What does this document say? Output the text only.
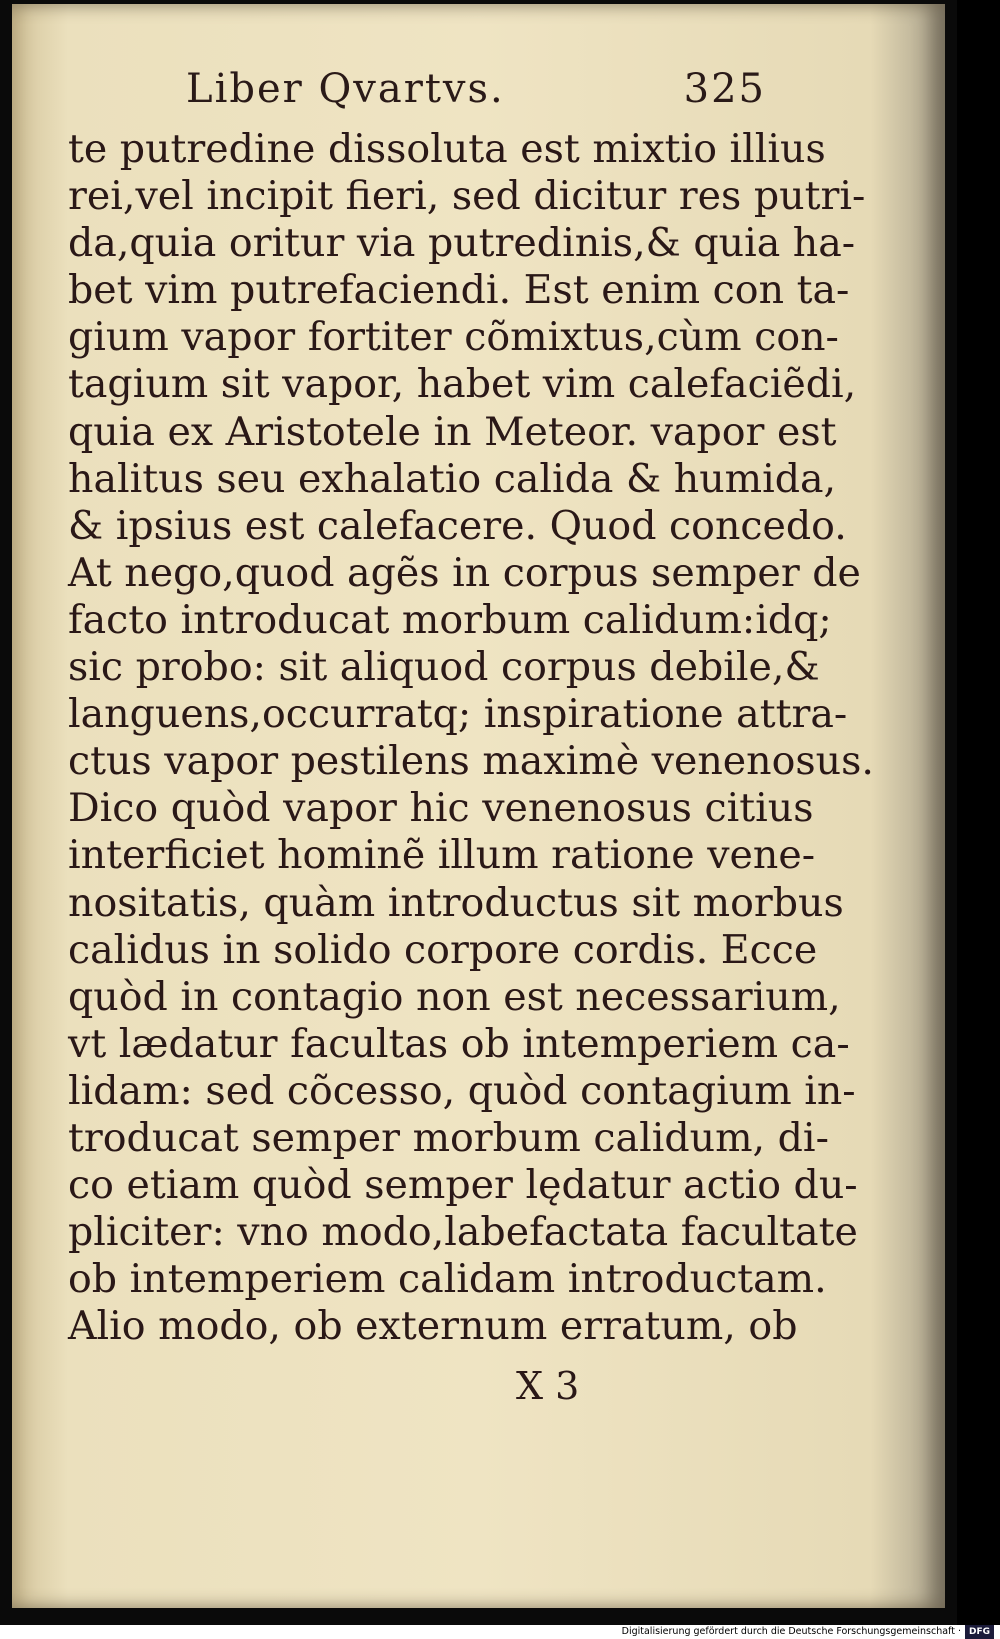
Liber Qvartvs.	325
te putredine dissoluta est mixtio illius
rei,vel incipit fieri, sed dicitur res putri-
da,quia oritur via putredinis,& quia ha-
bet vim putrefaciendi. Est enim con ta-
gium vapor fortiter cõmixtus,cùm con-
tagium sit vapor, habet vim calefaciẽdi,
quia ex Aristotele in Meteor. vapor est
halitus seu exhalatio calida & humida,
& ipsius est calefacere. Quod concedo.
At nego,quod agẽs in corpus semper de
facto introducat morbum calidum:idq;
sic probo: sit aliquod corpus debile,&
languens,occurratq; inspiratione attra-
ctus vapor pestilens maximè venenosus.
Dico quòd vapor hic venenosus citius
interficiet hominẽ illum ratione vene-
nositatis, quàm introductus sit morbus
calidus in solido corpore cordis. Ecce
quòd in contagio non est necessarium,
vt lædatur facultas ob intemperiem ca-
lidam: sed cõcesso, quòd contagium in-
troducat semper morbum calidum, di-
co etiam quòd semper lędatur actio du-
pliciter: vno modo,labefactata facultate
ob intemperiem calidam introductam.
Alio modo, ob externum erratum, ob
X 3
Digitalisierung gefördert durch die Deutsche Forschungsgemeinschaft · DFG
